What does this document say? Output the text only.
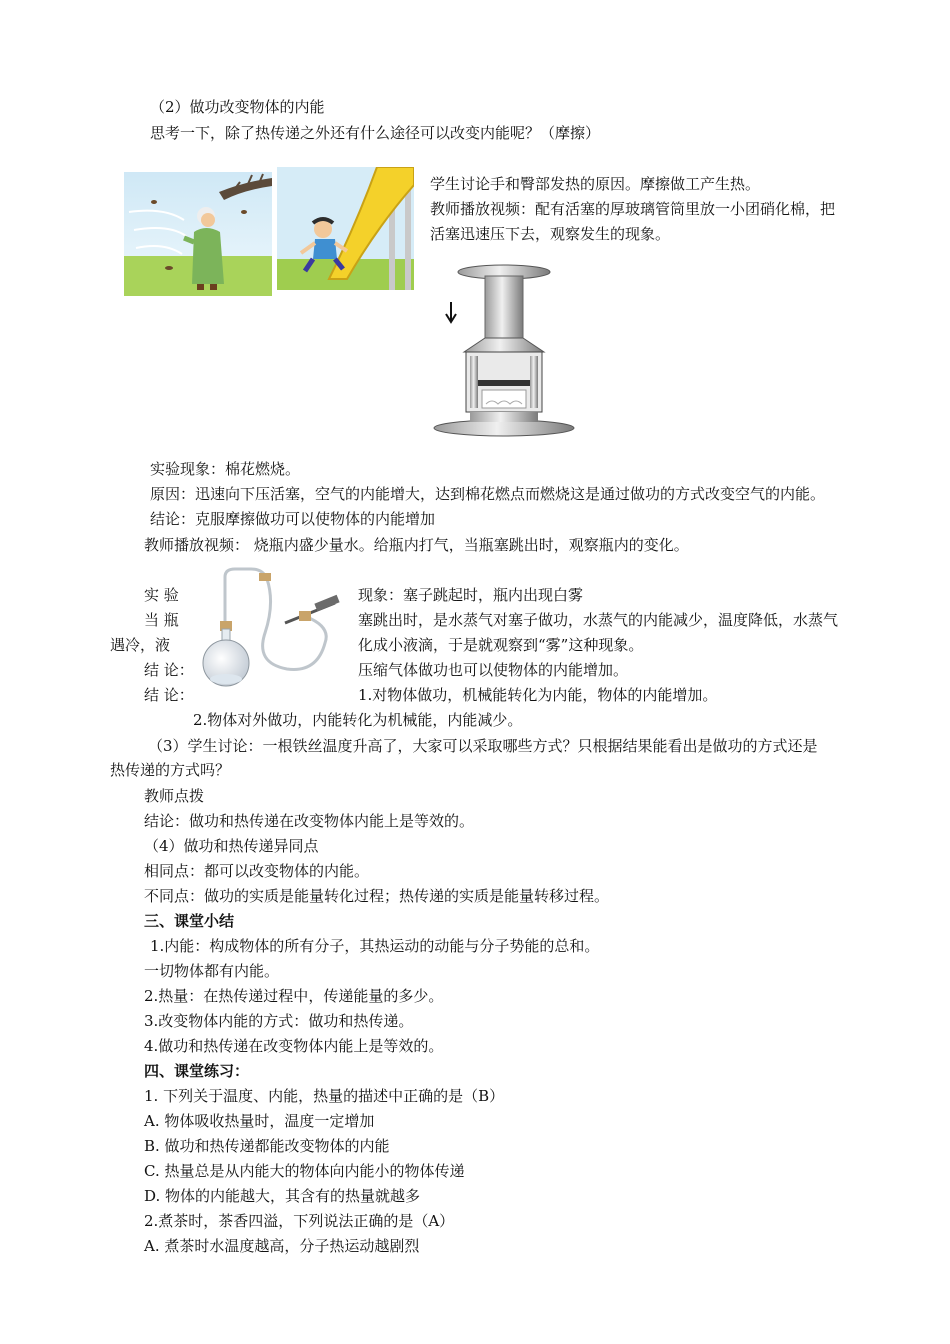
（2）做功改变物体的内能
思考一下，除了热传递之外还有什么途径可以改变内能呢？（摩擦）
学生讨论手和臀部发热的原因。摩擦做工产生热。
教师播放视频：配有活塞的厚玻璃管筒里放一小团硝化棉，把
活塞迅速压下去，观察发生的现象。
实验现象：棉花燃烧。
原因：迅速向下压活塞，空气的内能增大，达到棉花燃点而燃烧这是通过做功的方式改变空气的内能。
结论：克服摩擦做功可以使物体的内能增加
教师播放视频： 烧瓶内盛少量水。给瓶内打气，当瓶塞跳出时，观察瓶内的变化。
实 验	现象：塞子跳起时，瓶内出现白雾
当 瓶	塞跳出时，是水蒸气对塞子做功，水蒸气的内能减少，温度降低，水蒸气
遇冷，液	化成小液滴，于是就观察到“雾”这种现象。
结 论：	压缩气体做功也可以使物体的内能增加。
结 论：	1.对物体做功，机械能转化为内能，物体的内能增加。
2.物体对外做功，内能转化为机械能，内能减少。
（3）学生讨论：一根铁丝温度升高了，大家可以采取哪些方式？只根据结果能看出是做功的方式还是
热传递的方式吗？
教师点拨
结论：做功和热传递在改变物体内能上是等效的。
（4）做功和热传递异同点
相同点：都可以改变物体的内能。
不同点：做功的实质是能量转化过程；热传递的实质是能量转移过程。
三、课堂小结
1.内能：构成物体的所有分子，其热运动的动能与分子势能的总和。
一切物体都有内能。
2.热量：在热传递过程中，传递能量的多少。
3.改变物体内能的方式：做功和热传递。
4.做功和热传递在改变物体内能上是等效的。
四、课堂练习：
1. 下列关于温度、内能，热量的描述中正确的是（B）
A. 物体吸收热量时，温度一定增加
B. 做功和热传递都能改变物体的内能
C. 热量总是从内能大的物体向内能小的物体传递
D. 物体的内能越大，其含有的热量就越多
2.煮茶时，茶香四溢，下列说法正确的是（A）
A. 煮茶时水温度越高，分子热运动越剧烈
